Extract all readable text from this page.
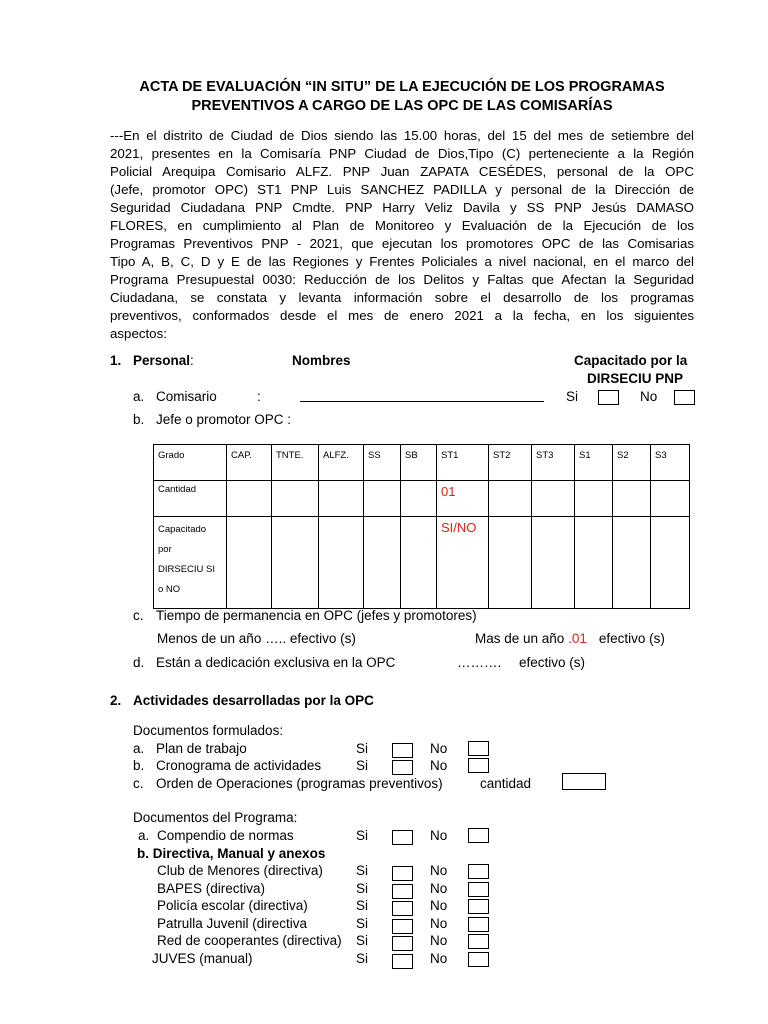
ACTA DE EVALUACIÓN “IN SITU” DE LA EJECUCIÓN DE LOS PROGRAMAS
PREVENTIVOS A CARGO DE LAS OPC DE LAS COMISARÍAS
---En el distrito de Ciudad de Dios siendo las 15.00 horas, del 15 del mes de setiembre del
2021, presentes en la Comisaría PNP Ciudad de Dios,Tipo (C) perteneciente a la Región
Policial Arequipa Comisario ALFZ. PNP Juan ZAPATA CESÉDES, personal de la OPC
(Jefe, promotor OPC) ST1 PNP Luis SANCHEZ PADILLA y personal de la Dirección de
Seguridad Ciudadana PNP Cmdte. PNP Harry Veliz Davila y SS PNP Jesús DAMASO
FLORES, en cumplimiento al Plan de Monitoreo y Evaluación de la Ejecución de los
Programas Preventivos PNP - 2021, que ejecutan los promotores OPC de las Comisarias
Tipo A, B, C, D y E de las Regiones y Frentes Policiales a nivel nacional, en el marco del
Programa Presupuestal 0030: Reducción de los Delitos y Faltas que Afectan la Seguridad
Ciudadana, se constata y levanta información sobre el desarrollo de los programas
preventivos, conformados desde el mes de enero 2021 a la fecha, en los siguientes
aspectos:
1. Personal:	Nombres	Capacitado por la
DIRSECIU PNP
a. Comisario	:	Si	No
b. Jefe o promotor OPC :
Grado	CAP.	TNTE.	ALFZ.	SS	SB	ST1	ST2	ST3	S1	S2	S3
Cantidad						01					

Capacitado
por
DIRSECIU SI
o NO						SI/NO					

c. Tiempo de permanencia en OPC (jefes y promotores)
Menos de un año ….. efectivo (s)	Mas de un año .01 efectivo (s)
d. Están a dedicación exclusiva en la OPC	………. efectivo (s)
2. Actividades desarrolladas por la OPC
Documentos formulados:
a. Plan de trabajo	Si	No
b. Cronograma de actividades	Si	No
c. Orden de Operaciones (programas preventivos)	cantidad
Documentos del Programa:
a. Compendio de normas	Si	No
b. Directiva, Manual y anexos
Club de Menores (directiva) Si	No
BAPES (directiva)	Si	No
Policía escolar (directiva)	Si	No
Patrulla Juvenil (directiva	Si	No
Red de cooperantes (directiva) Si	No
JUVES (manual)	Si	No
